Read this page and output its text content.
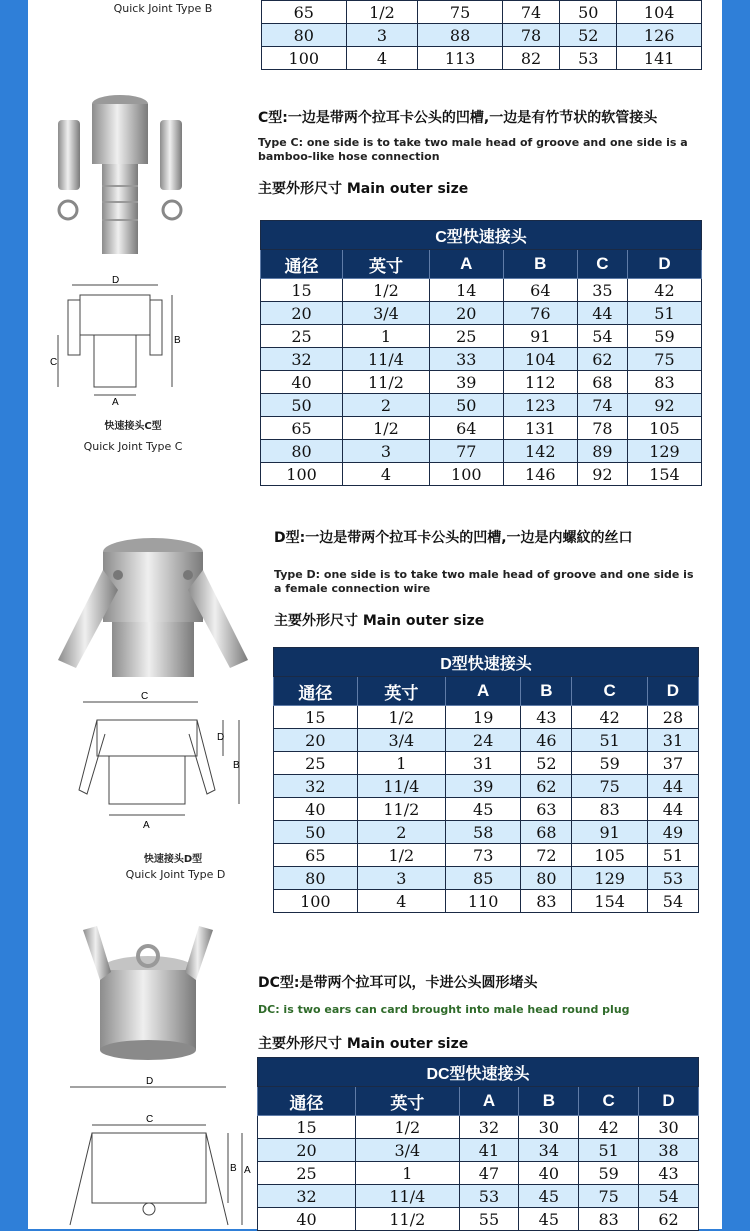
Quick Joint Type B	65	1/2	75	74	50	104
80	3	88	78	52	126
100	4	113	82	53	141
D
B
C
A
快速接头C型
Quick Joint Type C
C型:一边是带两个拉耳卡公头的凹槽,一边是有竹节状的软管接头
Type C: one side is to take two male head of groove and one side is a bamboo-like hose connection
主要外形尺寸 Main outer size
C型快速接头					
通径	英寸	A	B	C	D
15	1/2	14	64	35	42
20	3/4	20	76	44	51
25	1	25	91	54	59
32	11/4	33	104	62	75
40	11/2	39	112	68	83
50	2	50	123	74	92
65	1/2	64	131	78	105
80	3	77	142	89	129
100	4	100	146	92	154
C
D
B
A
快速接头D型
Quick Joint Type D
D型:一边是带两个拉耳卡公头的凹槽,一边是内螺紋的丝口
Type D: one side is to take two male head of groove and one side is a female connection wire
主要外形尺寸 Main outer size
D型快速接头					
通径	英寸	A	B	C	D
15	1/2	19	43	42	28
20	3/4	24	46	51	31
25	1	31	52	59	37
32	11/4	39	62	75	44
40	11/2	45	63	83	44
50	2	58	68	91	49
65	1/2	73	72	105	51
80	3	85	80	129	53
100	4	110	83	154	54
D
C
B A
DC型:是带两个拉耳可以，卡进公头圆形堵头
DC: is two ears can card brought into male head round plug
主要外形尺寸 Main outer size
DC型快速接头					
通径	英寸	A	B	C	D
15	1/2	32	30	42	30
20	3/4	41	34	51	38
25	1	47	40	59	43
32	11/4	53	45	75	54
40	11/2	55	45	83	62
